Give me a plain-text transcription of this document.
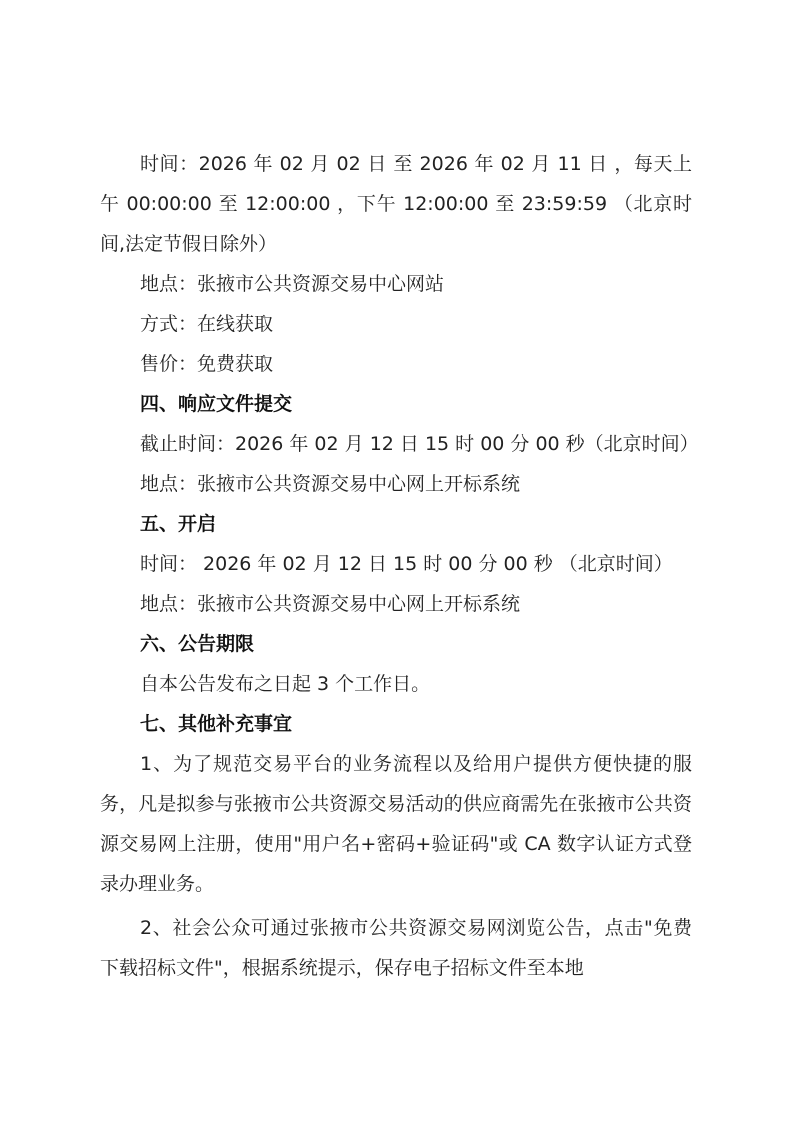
时间：2026 年 02 月 02 日 至 2026 年 02 月 11 日 ，每天上午 00:00:00 至 12:00:00 ，下午 12:00:00 至 23:59:59 （北京时间,法定节假日除外）

地点：张掖市公共资源交易中心网站

方式：在线获取

售价：免费获取

四、响应文件提交

截止时间：2026 年 02 月 12 日 15 时 00 分 00 秒（北京时间）

地点：张掖市公共资源交易中心网上开标系统

五、开启

时间： 2026 年 02 月 12 日 15 时 00 分 00 秒 （北京时间）

地点：张掖市公共资源交易中心网上开标系统

六、公告期限

自本公告发布之日起 3 个工作日。

七、其他补充事宜

1、为了规范交易平台的业务流程以及给用户提供方便快捷的服务，凡是拟参与张掖市公共资源交易活动的供应商需先在张掖市公共资源交易网上注册，使用"用户名+密码+验证码"或 CA 数字认证方式登录办理业务。

2、社会公众可通过张掖市公共资源交易网浏览公告，点击"免费下载招标文件"，根据系统提示，保存电子招标文件至本地
